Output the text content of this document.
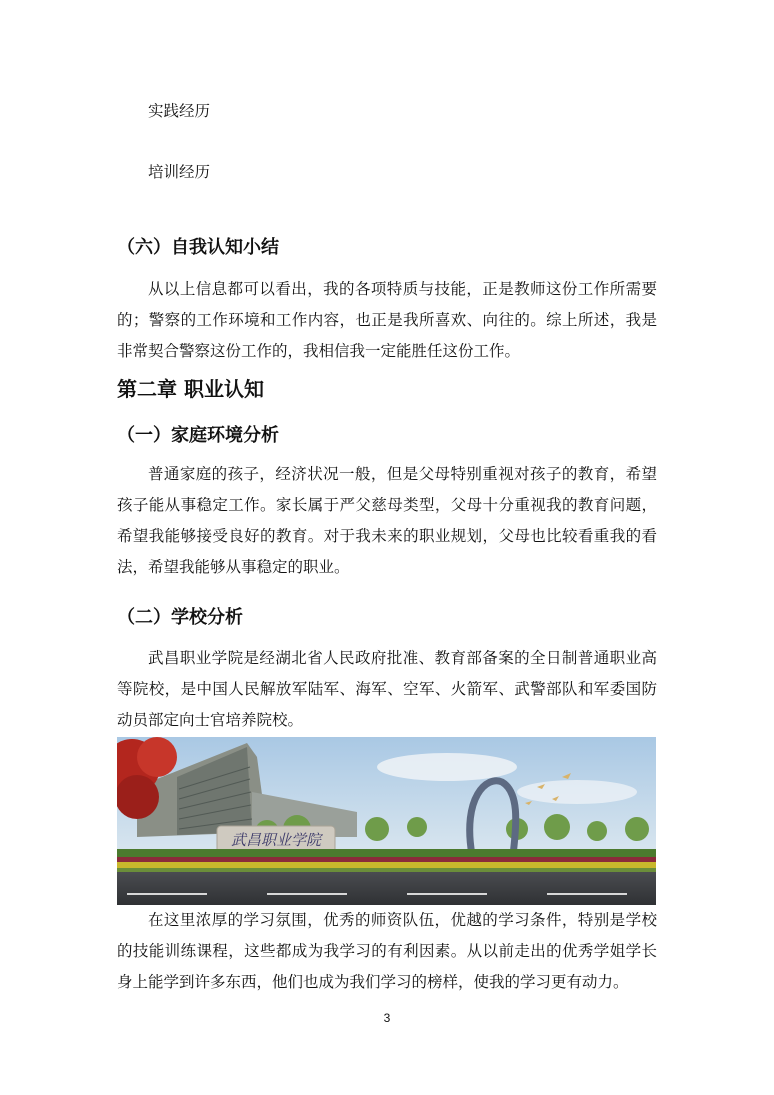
实践经历
培训经历
（六）自我认知小结
从以上信息都可以看出，我的各项特质与技能，正是教师这份工作所需要的；警察的工作环境和工作内容，也正是我所喜欢、向往的。综上所述，我是非常契合警察这份工作的，我相信我一定能胜任这份工作。
第二章 职业认知
（一）家庭环境分析
普通家庭的孩子，经济状况一般，但是父母特别重视对孩子的教育，希望孩子能从事稳定工作。家长属于严父慈母类型，父母十分重视我的教育问题， 希望我能够接受良好的教育。对于我未来的职业规划，父母也比较看重我的看法，希望我能够从事稳定的职业。
（二）学校分析
武昌职业学院是经湖北省人民政府批准、教育部备案的全日制普通职业高等院校，是中国人民解放军陆军、海军、空军、火箭军、武警部队和军委国防动员部定向士官培养院校。
武昌职业学院
在这里浓厚的学习氛围，优秀的师资队伍，优越的学习条件，特别是学校的技能训练课程，这些都成为我学习的有利因素。从以前走出的优秀学姐学长身上能学到许多东西，他们也成为我们学习的榜样，使我的学习更有动力。
3
